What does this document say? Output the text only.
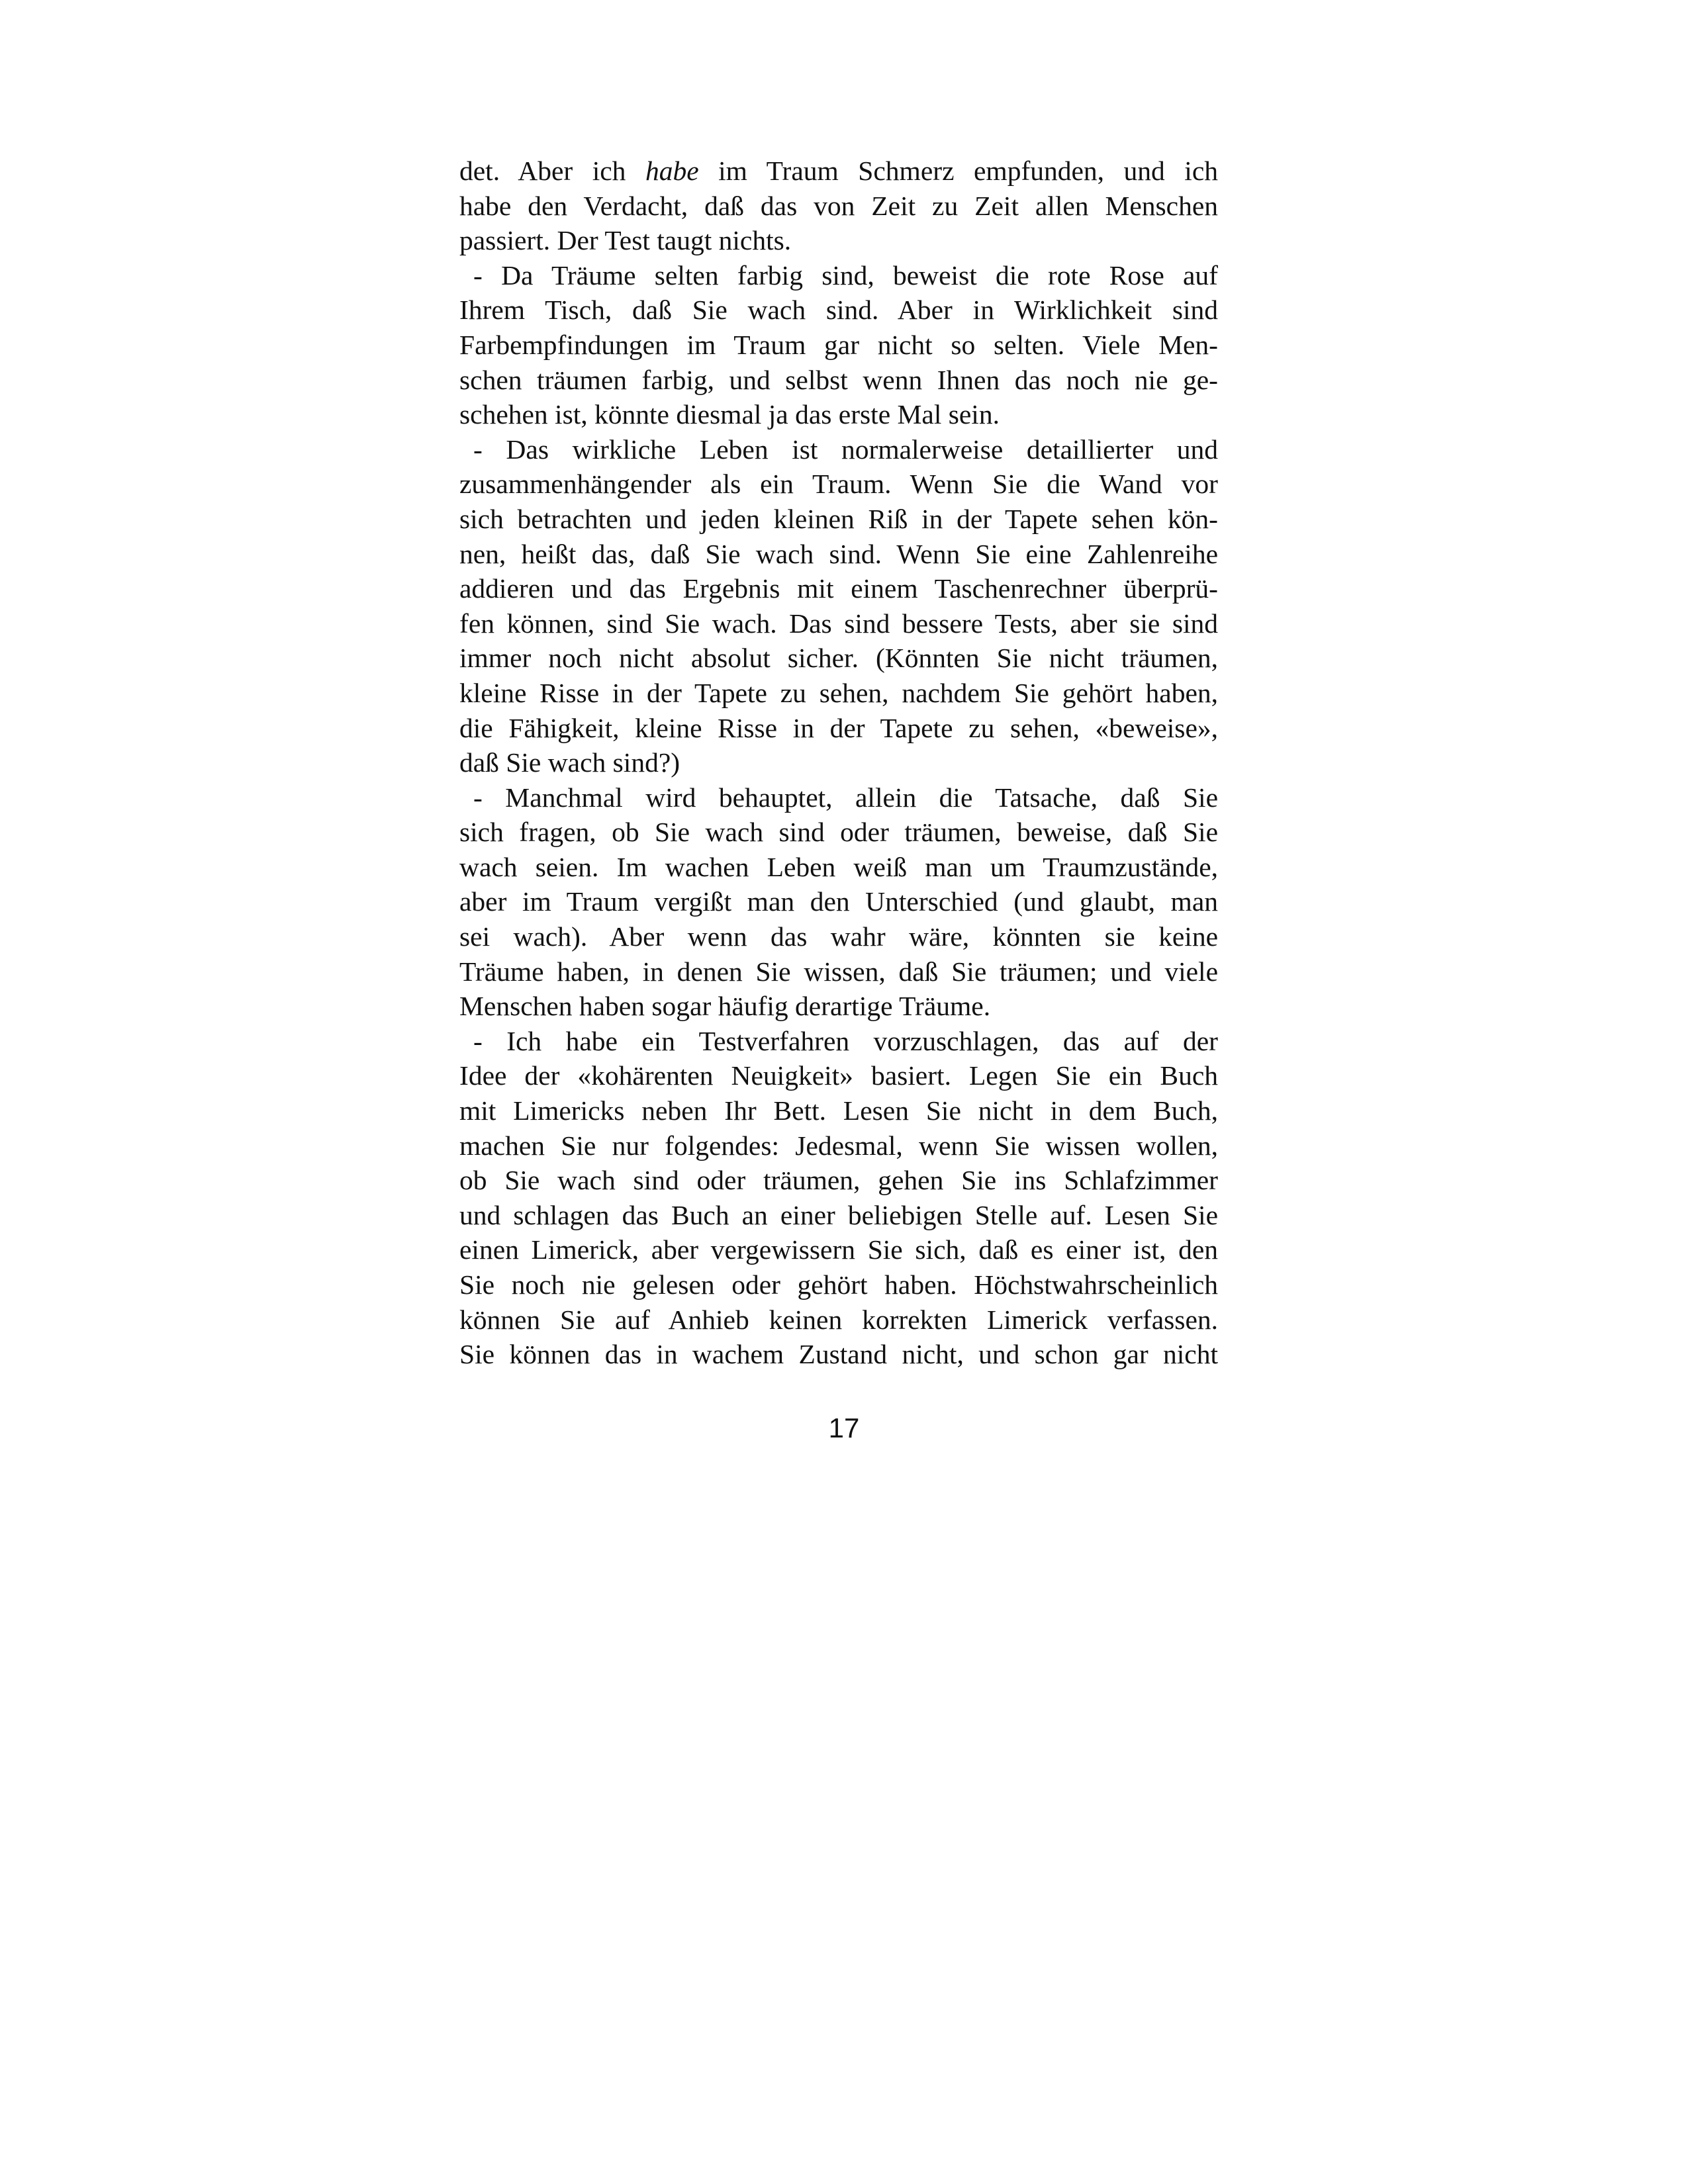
det. Aber ich habe im Traum Schmerz empfunden, und ich
habe den Verdacht, daß das von Zeit zu Zeit allen Menschen
passiert. Der Test taugt nichts.
- Da Träume selten farbig sind, beweist die rote Rose auf
Ihrem Tisch, daß Sie wach sind. Aber in Wirklichkeit sind
Farbempfindungen im Traum gar nicht so selten. Viele Men-
schen träumen farbig, und selbst wenn Ihnen das noch nie ge-
schehen ist, könnte diesmal ja das erste Mal sein.
- Das wirkliche Leben ist normalerweise detaillierter und
zusammenhängender als ein Traum. Wenn Sie die Wand vor
sich betrachten und jeden kleinen Riß in der Tapete sehen kön-
nen, heißt das, daß Sie wach sind. Wenn Sie eine Zahlenreihe
addieren und das Ergebnis mit einem Taschenrechner überprü-
fen können, sind Sie wach. Das sind bessere Tests, aber sie sind
immer noch nicht absolut sicher. (Könnten Sie nicht träumen,
kleine Risse in der Tapete zu sehen, nachdem Sie gehört haben,
die Fähigkeit, kleine Risse in der Tapete zu sehen, «beweise»,
daß Sie wach sind?)
- Manchmal wird behauptet, allein die Tatsache, daß Sie
sich fragen, ob Sie wach sind oder träumen, beweise, daß Sie
wach seien. Im wachen Leben weiß man um Traumzustände,
aber im Traum vergißt man den Unterschied (und glaubt, man
sei wach). Aber wenn das wahr wäre, könnten sie keine
Träume haben, in denen Sie wissen, daß Sie träumen; und viele
Menschen haben sogar häufig derartige Träume.
- Ich habe ein Testverfahren vorzuschlagen, das auf der
Idee der «kohärenten Neuigkeit» basiert. Legen Sie ein Buch
mit Limericks neben Ihr Bett. Lesen Sie nicht in dem Buch,
machen Sie nur folgendes: Jedesmal, wenn Sie wissen wollen,
ob Sie wach sind oder träumen, gehen Sie ins Schlafzimmer
und schlagen das Buch an einer beliebigen Stelle auf. Lesen Sie
einen Limerick, aber vergewissern Sie sich, daß es einer ist, den
Sie noch nie gelesen oder gehört haben. Höchstwahrscheinlich
können Sie auf Anhieb keinen korrekten Limerick verfassen.
Sie können das in wachem Zustand nicht, und schon gar nicht
17
